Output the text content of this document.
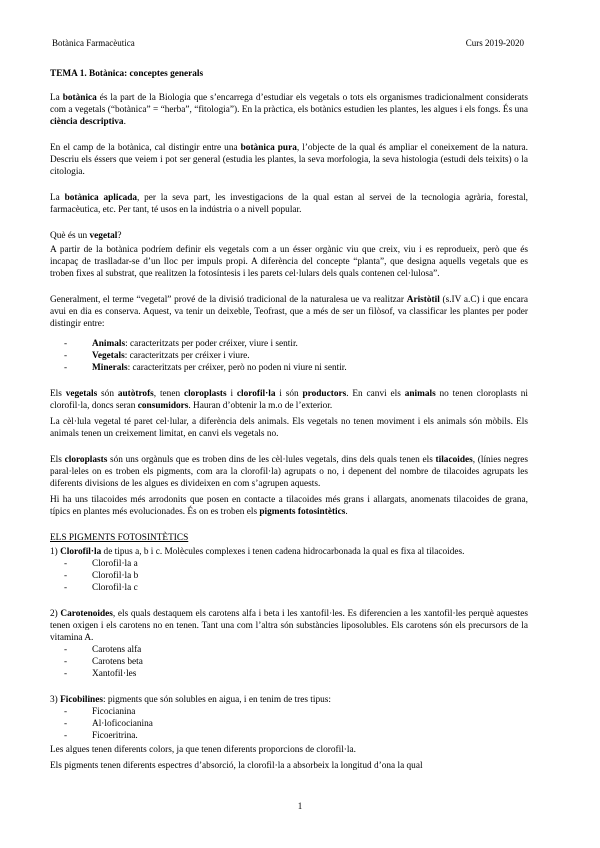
Botànica Farmacèutica	Curs 2019-2020

TEMA 1. Botànica: conceptes generals

La botànica és la part de la Biologia que s’encarrega d’estudiar els vegetals o tots els organismes tradicionalment considerats com a vegetals (“botànica” = “herba”, “fitologia”). En la pràctica, els botànics estudien les plantes, les algues i els fongs. És una ciència descriptiva.

En el camp de la botànica, cal distingir entre una botànica pura, l’objecte de la qual és ampliar el coneixement de la natura. Descriu els éssers que veiem i pot ser general (estudia les plantes, la seva morfologia, la seva histologia (estudi dels teixits) o la citologia.

La botànica aplicada, per la seva part, les investigacions de la qual estan al servei de la tecnologia agrària, forestal, farmacèutica, etc. Per tant, té usos en la indústria o a nivell popular.

Què és un vegetal?

A partir de la botànica podríem definir els vegetals com a un ésser orgànic viu que creix, viu i es reprodueix, però que és incapaç de traslladar-se d’un lloc per impuls propi. A diferència del concepte “planta”, que designa aquells vegetals que es troben fixes al substrat, que realitzen la fotosíntesis i les parets cel·lulars dels quals contenen cel·lulosa”.

Generalment, el terme “vegetal” prové de la divisió tradicional de la naturalesa ue va realitzar Aristòtil (s.IV a.C) i que encara avui en dia es conserva. Aquest, va tenir un deixeble, Teofrast, que a més de ser un filòsof, va classificar les plantes per poder distingir entre:

- Animals: caracteritzats per poder créixer, viure i sentir.
- Vegetals: caracteritzats per créixer i viure.
- Minerals: caracteritzats per créixer, però no poden ni viure ni sentir.

Els vegetals són autòtrofs, tenen cloroplasts i clorofil·la i són productors. En canvi els animals no tenen cloroplasts ni clorofil·la, doncs seran consumidors. Hauran d’obtenir la m.o de l’exterior.

La cèl·lula vegetal té paret cel·lular, a diferència dels animals. Els vegetals no tenen moviment i els animals són mòbils. Els animals tenen un creixement limitat, en canvi els vegetals no.

Els cloroplasts són uns orgànuls que es troben dins de les cèl·lules vegetals, dins dels quals tenen els tilacoides, (línies negres paral·leles on es troben els pigments, com ara la clorofil·la) agrupats o no, i depenent del nombre de tilacoides agrupats les diferents divisions de les algues es divideixen en com s’agrupen aquests.

Hi ha uns tilacoides més arrodonits que posen en contacte a tilacoides més grans i allargats, anomenats tilacoides de grana, típics en plantes més evolucionades. És on es troben els pigments fotosintètics.

ELS PIGMENTS FOTOSINTÈTICS

1) Clorofil·la de tipus a, b i c. Molècules complexes i tenen cadena hidrocarbonada la qual es fixa al tilacoides.

- Clorofil·la a
- Clorofil·la b
- Clorofil·la c

2) Carotenoides, els quals destaquem els carotens alfa i beta i les xantofil·les. Es diferencien a les xantofil·les perquè aquestes tenen oxigen i els carotens no en tenen. Tant una com l’altra són substàncies liposolubles. Els carotens són els precursors de la vitamina A.

- Carotens alfa
- Carotens beta
- Xantofil·les

3) Ficobilines: pigments que són solubles en aigua, i en tenim de tres tipus:

- Ficocianina
- Al·loficocianina
- Ficoeritrina.

Les algues tenen diferents colors, ja que tenen diferents proporcions de clorofil·la.

Els pigments tenen diferents espectres d’absorció, la clorofil·la a absorbeix la longitud d’ona la qual

1
